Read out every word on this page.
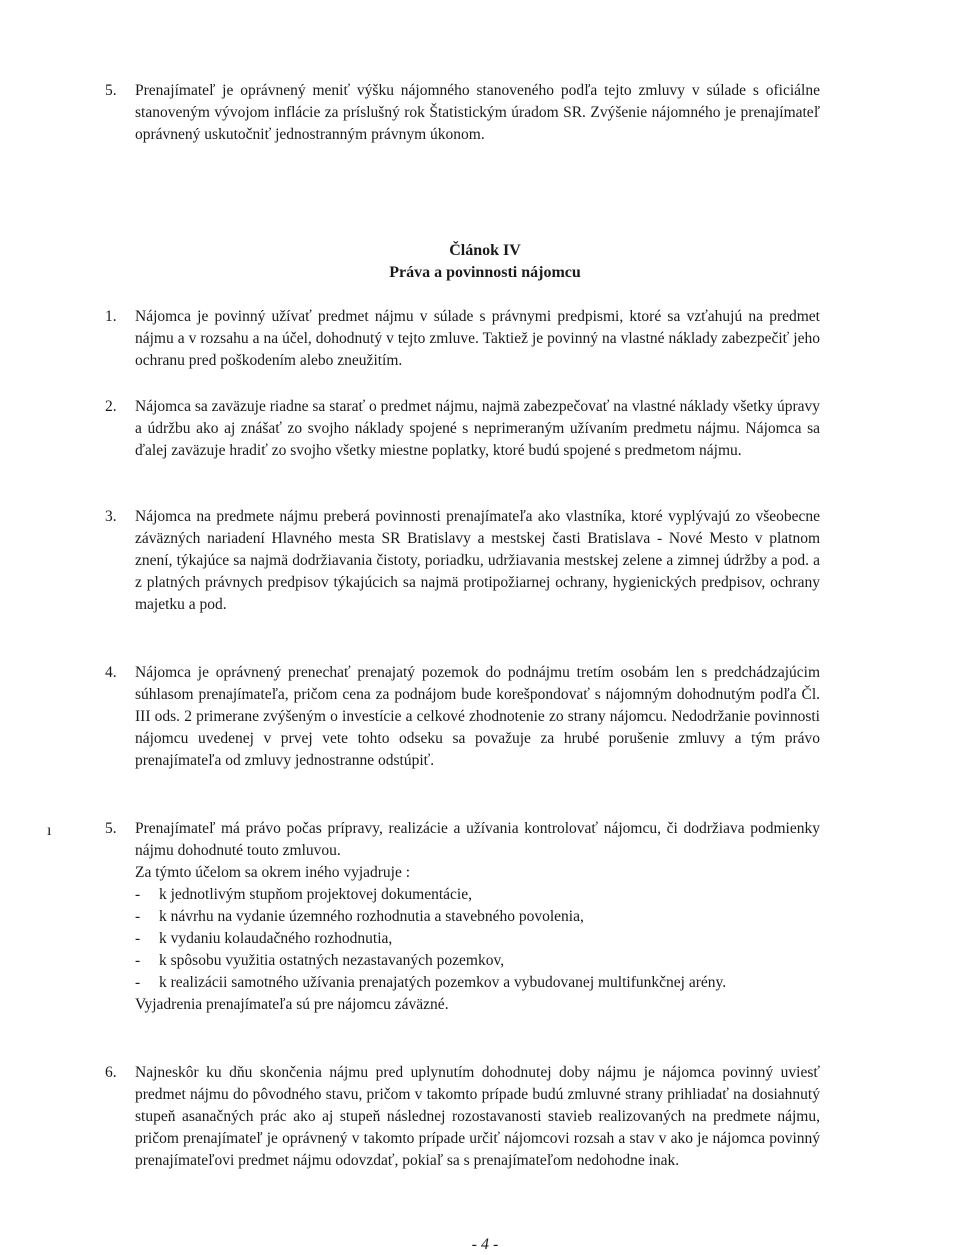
5. Prenajímateľ je oprávnený meniť výšku nájomného stanoveného podľa tejto zmluvy v súlade s oficiálne stanoveným vývojom inflácie za príslušný rok Štatistickým úradom SR. Zvýšenie nájomného je prenajímateľ oprávnený uskutočniť jednostranným právnym úkonom.

Článok IV
Práva a povinnosti nájomcu
1. Nájomca je povinný užívať predmet nájmu v súlade s právnymi predpismi, ktoré sa vzťahujú na predmet nájmu a v rozsahu a na účel, dohodnutý v tejto zmluve. Taktiež je povinný na vlastné náklady zabezpečiť jeho ochranu pred poškodením alebo zneužitím.

2. Nájomca sa zaväzuje riadne sa starať o predmet nájmu, najmä zabezpečovať na vlastné náklady všetky úpravy a údržbu ako aj znášať zo svojho náklady spojené s neprimeraným užívaním predmetu nájmu. Nájomca sa ďalej zaväzuje hradiť zo svojho všetky miestne poplatky, ktoré budú spojené s predmetom nájmu.

3. Nájomca na predmete nájmu preberá povinnosti prenajímateľa ako vlastníka, ktoré vyplývajú zo všeobecne záväzných nariadení Hlavného mesta SR Bratislavy a mestskej časti Bratislava - Nové Mesto v platnom znení, týkajúce sa najmä dodržiavania čistoty, poriadku, udržiavania mestskej zelene a zimnej údržby a pod. a z platných právnych predpisov týkajúcich sa najmä protipožiarnej ochrany, hygienických predpisov, ochrany majetku a pod.

4. Nájomca je oprávnený prenechať prenajatý pozemok do podnájmu tretím osobám len s predchádzajúcim súhlasom prenajímateľa, pričom cena za podnájom bude korešpondovať s nájomným dohodnutým podľa Čl. III ods. 2 primerane zvýšeným o investície a celkové zhodnotenie zo strany nájomcu. Nedodržanie povinnosti nájomcu uvedenej v prvej vete tohto odseku sa považuje za hrubé porušenie zmluvy a tým právo prenajímateľa od zmluvy jednostranne odstúpiť.

ı	5. Prenajímateľ má právo počas prípravy, realizácie a užívania kontrolovať nájomcu, či dodržiava podmienky nájmu dohodnuté touto zmluvou.

Za týmto účelom sa okrem iného vyjadruje :

- k jednotlivým stupňom projektovej dokumentácie,
- k návrhu na vydanie územného rozhodnutia a stavebného povolenia,
- k vydaniu kolaudačného rozhodnutia,
- k spôsobu využitia ostatných nezastavaných pozemkov,
- k realizácii samotného užívania prenajatých pozemkov a vybudovanej multifunkčnej arény.

Vyjadrenia prenajímateľa sú pre nájomcu záväzné.

6. Najneskôr ku dňu skončenia nájmu pred uplynutím dohodnutej doby nájmu je nájomca povinný uviesť predmet nájmu do pôvodného stavu, pričom v takomto prípade budú zmluvné strany prihliadať na dosiahnutý stupeň asanačných prác ako aj stupeň následnej rozostavanosti stavieb realizovaných na predmete nájmu, pričom prenajímateľ je oprávnený v takomto prípade určiť nájomcovi rozsah a stav v ako je nájomca povinný prenajímateľovi predmet nájmu odovzdať, pokiaľ sa s prenajímateľom nedohodne inak.

- 4 -
